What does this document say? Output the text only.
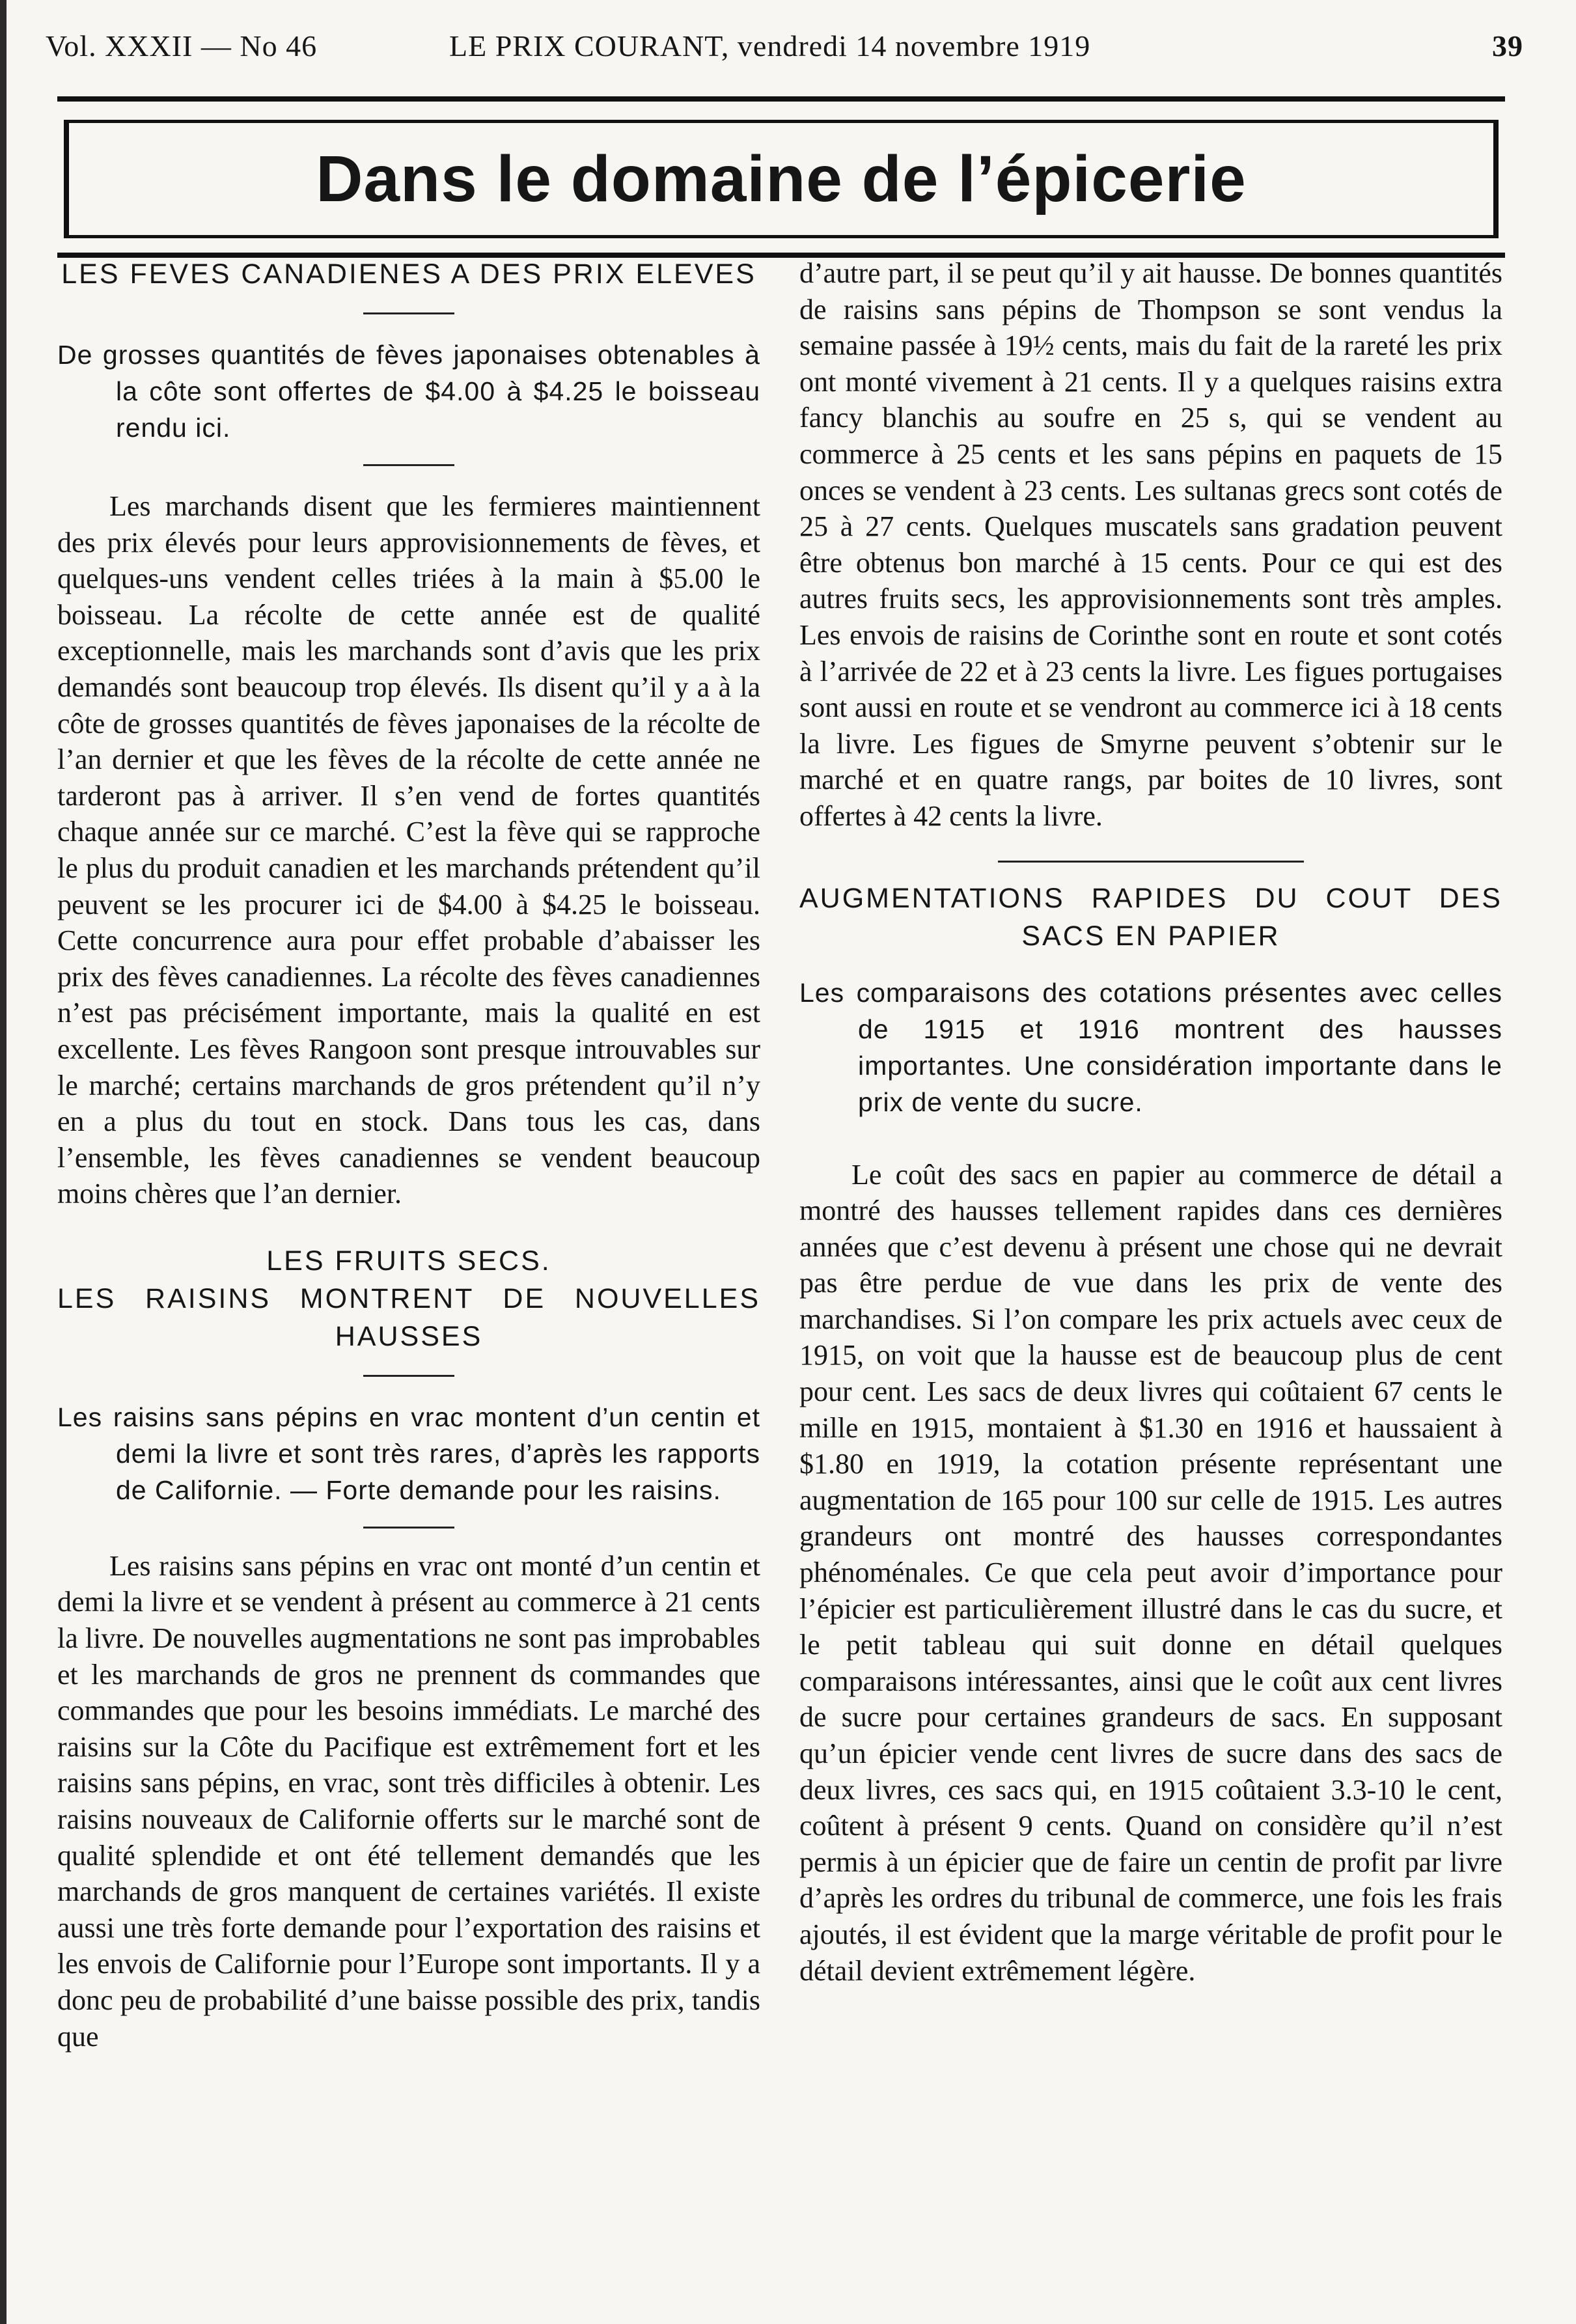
Vol. XXXII — No 46	LE PRIX COURANT, vendredi 14 novembre 1919	39
Dans le domaine de l’épicerie
LES FEVES CANADIENES A DES PRIX ELEVES

De grosses quantités de fèves japonaises obtenables à la côte sont offertes de $4.00 à $4.25 le boisseau rendu ici.

Les marchands disent que les fermieres maintiennent des prix élevés pour leurs approvisionnements de fèves, et quelques-uns vendent celles triées à la main à $5.00 le boisseau. La récolte de cette année est de qualité exceptionnelle, mais les marchands sont d’avis que les prix demandés sont beaucoup trop élevés. Ils disent qu’il y a à la côte de grosses quantités de fèves japonaises de la récolte de l’an dernier et que les fèves de la récolte de cette année ne tarderont pas à arriver. Il s’en vend de fortes quantités chaque année sur ce marché. C’est la fève qui se rapproche le plus du produit canadien et les marchands prétendent qu’il peuvent se les procurer ici de $4.00 à $4.25 le boisseau. Cette concurrence aura pour effet probable d’abaisser les prix des fèves canadiennes. La récolte des fèves canadiennes n’est pas précisément importante, mais la qualité en est excellente. Les fèves Rangoon sont presque introuvables sur le marché; certains marchands de gros prétendent qu’il n’y en a plus du tout en stock. Dans tous les cas, dans l’ensemble, les fèves canadiennes se vendent beaucoup moins chères que l’an dernier.

LES FRUITS SECS.
LES RAISINS MONTRENT DE NOUVELLES HAUSSES

Les raisins sans pépins en vrac montent d’un centin et demi la livre et sont très rares, d’après les rapports de Californie. — Forte demande pour les raisins.

Les raisins sans pépins en vrac ont monté d’un centin et demi la livre et se vendent à présent au commerce à 21 cents la livre. De nouvelles augmentations ne sont pas improbables et les marchands de gros ne prennent ds commandes que commandes que pour les besoins immédiats. Le marché des raisins sur la Côte du Pacifique est extrêmement fort et les raisins sans pépins, en vrac, sont très difficiles à obtenir. Les raisins nouveaux de Californie offerts sur le marché sont de qualité splendide et ont été tellement demandés que les marchands de gros manquent de certaines variétés. Il existe aussi une très forte demande pour l’exportation des raisins et les envois de Californie pour l’Europe sont importants. Il y a donc peu de probabilité d’une baisse possible des prix, tandis que

d’autre part, il se peut qu’il y ait hausse. De bonnes quantités de raisins sans pépins de Thompson se sont vendus la semaine passée à 19½ cents, mais du fait de la rareté les prix ont monté vivement à 21 cents. Il y a quelques raisins extra fancy blanchis au soufre en 25 s, qui se vendent au commerce à 25 cents et les sans pépins en paquets de 15 onces se vendent à 23 cents. Les sultanas grecs sont cotés de 25 à 27 cents. Quelques muscatels sans gradation peuvent être obtenus bon marché à 15 cents. Pour ce qui est des autres fruits secs, les approvisionnements sont très amples. Les envois de raisins de Corinthe sont en route et sont cotés à l’arrivée de 22 et à 23 cents la livre. Les figues portugaises sont aussi en route et se vendront au commerce ici à 18 cents la livre. Les figues de Smyrne peuvent s’obtenir sur le marché et en quatre rangs, par boites de 10 livres, sont offertes à 42 cents la livre.

AUGMENTATIONS RAPIDES DU COUT DES SACS EN PAPIER

Les comparaisons des cotations présentes avec celles de 1915 et 1916 montrent des hausses importantes. Une considération importante dans le prix de vente du sucre.

Le coût des sacs en papier au commerce de détail a montré des hausses tellement rapides dans ces dernières années que c’est devenu à présent une chose qui ne devrait pas être perdue de vue dans les prix de vente des marchandises. Si l’on compare les prix actuels avec ceux de 1915, on voit que la hausse est de beaucoup plus de cent pour cent. Les sacs de deux livres qui coûtaient 67 cents le mille en 1915, montaient à $1.30 en 1916 et haussaient à $1.80 en 1919, la cotation présente représentant une augmentation de 165 pour 100 sur celle de 1915. Les autres grandeurs ont montré des hausses correspondantes phénoménales. Ce que cela peut avoir d’importance pour l’épicier est particulièrement illustré dans le cas du sucre, et le petit tableau qui suit donne en détail quelques comparaisons intéressantes, ainsi que le coût aux cent livres de sucre pour certaines grandeurs de sacs. En supposant qu’un épicier vende cent livres de sucre dans des sacs de deux livres, ces sacs qui, en 1915 coûtaient 3.3-10 le cent, coûtent à présent 9 cents. Quand on considère qu’il n’est permis à un épicier que de faire un centin de profit par livre d’après les ordres du tribunal de commerce, une fois les frais ajoutés, il est évident que la marge véritable de profit pour le détail devient extrêmement légère.
